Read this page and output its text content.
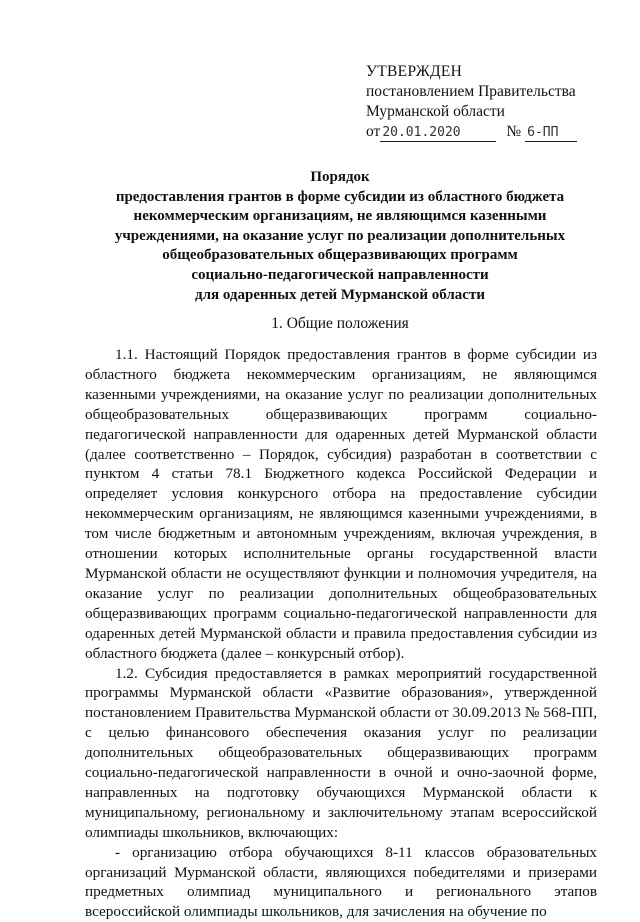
УТВЕРЖДЕН
постановлением Правительства
Мурманской области
от 20.01.2020	№ 6-ПП
Порядок
предоставления грантов в форме субсидии из областного бюджета
некоммерческим организациям, не являющимся казенными
учреждениями, на оказание услуг по реализации дополнительных
общеобразовательных общеразвивающих программ
социально-педагогической направленности
для одаренных детей Мурманской области
1. Общие положения

1.1. Настоящий Порядок предоставления грантов в форме субсидии из областного бюджета некоммерческим организациям, не являющимся казенными учреждениями, на оказание услуг по реализации дополнительных общеобразовательных общеразвивающих программ социально-педагогической направленности для одаренных детей Мурманской области (далее соответственно – Порядок, субсидия) разработан в соответствии с пунктом 4 статьи 78.1 Бюджетного кодекса Российской Федерации и определяет условия конкурсного отбора на предоставление субсидии некоммерческим организациям, не являющимся казенными учреждениями, в том числе бюджетным и автономным учреждениям, включая учреждения, в отношении которых исполнительные органы государственной власти Мурманской области не осуществляют функции и полномочия учредителя, на оказание услуг по реализации дополнительных общеобразовательных общеразвивающих программ социально-педагогической направленности для одаренных детей Мурманской области и правила предоставления субсидии из областного бюджета (далее – конкурсный отбор).

1.2. Субсидия предоставляется в рамках мероприятий государственной программы Мурманской области «Развитие образования», утвержденной постановлением Правительства Мурманской области от 30.09.2013 № 568-ПП, с целью финансового обеспечения оказания услуг по реализации дополнительных общеобразовательных общеразвивающих программ социально-педагогической направленности в очной и очно-заочной форме, направленных на подготовку обучающихся Мурманской области к муниципальному, региональному и заключительному этапам всероссийской олимпиады школьников, включающих:

- организацию отбора обучающихся 8-11 классов образовательных организаций Мурманской области, являющихся победителями и призерами предметных олимпиад муниципального и регионального этапов всероссийской олимпиады школьников, для зачисления на обучение по
